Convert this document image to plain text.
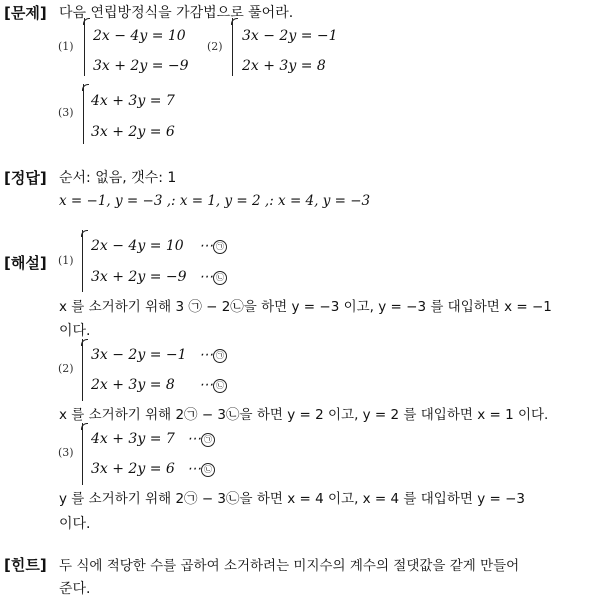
[문제] 다음 연립방정식을 가감법으로 풀어라.
(1)
2x − 4y = 10
3x + 2y = −9
(2)
3x − 2y = −1
2x + 3y = 8
(3)
4x + 3y = 7
3x + 2y = 6
[정답] 순서: 없음, 갯수: 1
x = −1, y = −3 ,: x = 1, y = 2 ,: x = 4, y = −3
[해설] (1)
2x − 4y = 10 ⋯ ㉠
3x + 2y = −9 ⋯ ㉡
x 를 소거하기 위해 3 ㉠ − 2㉡을 하면 y = −3 이고, y = −3 를 대입하면 x = −1
이다.
(2)
3x − 2y = −1 ⋯ ㉠
2x + 3y = 8 ⋯ ㉡
x 를 소거하기 위해 2㉠ − 3㉡을 하면 y = 2 이고, y = 2 를 대입하면 x = 1 이다.
(3)
4x + 3y = 7 ⋯ ㉠
3x + 2y = 6 ⋯ ㉡
y 를 소거하기 위해 2㉠ − 3㉡을 하면 x = 4 이고, x = 4 를 대입하면 y = −3
이다.
[힌트] 두 식에 적당한 수를 곱하여 소거하려는 미지수의 계수의 절댓값을 같게 만들어
준다.
